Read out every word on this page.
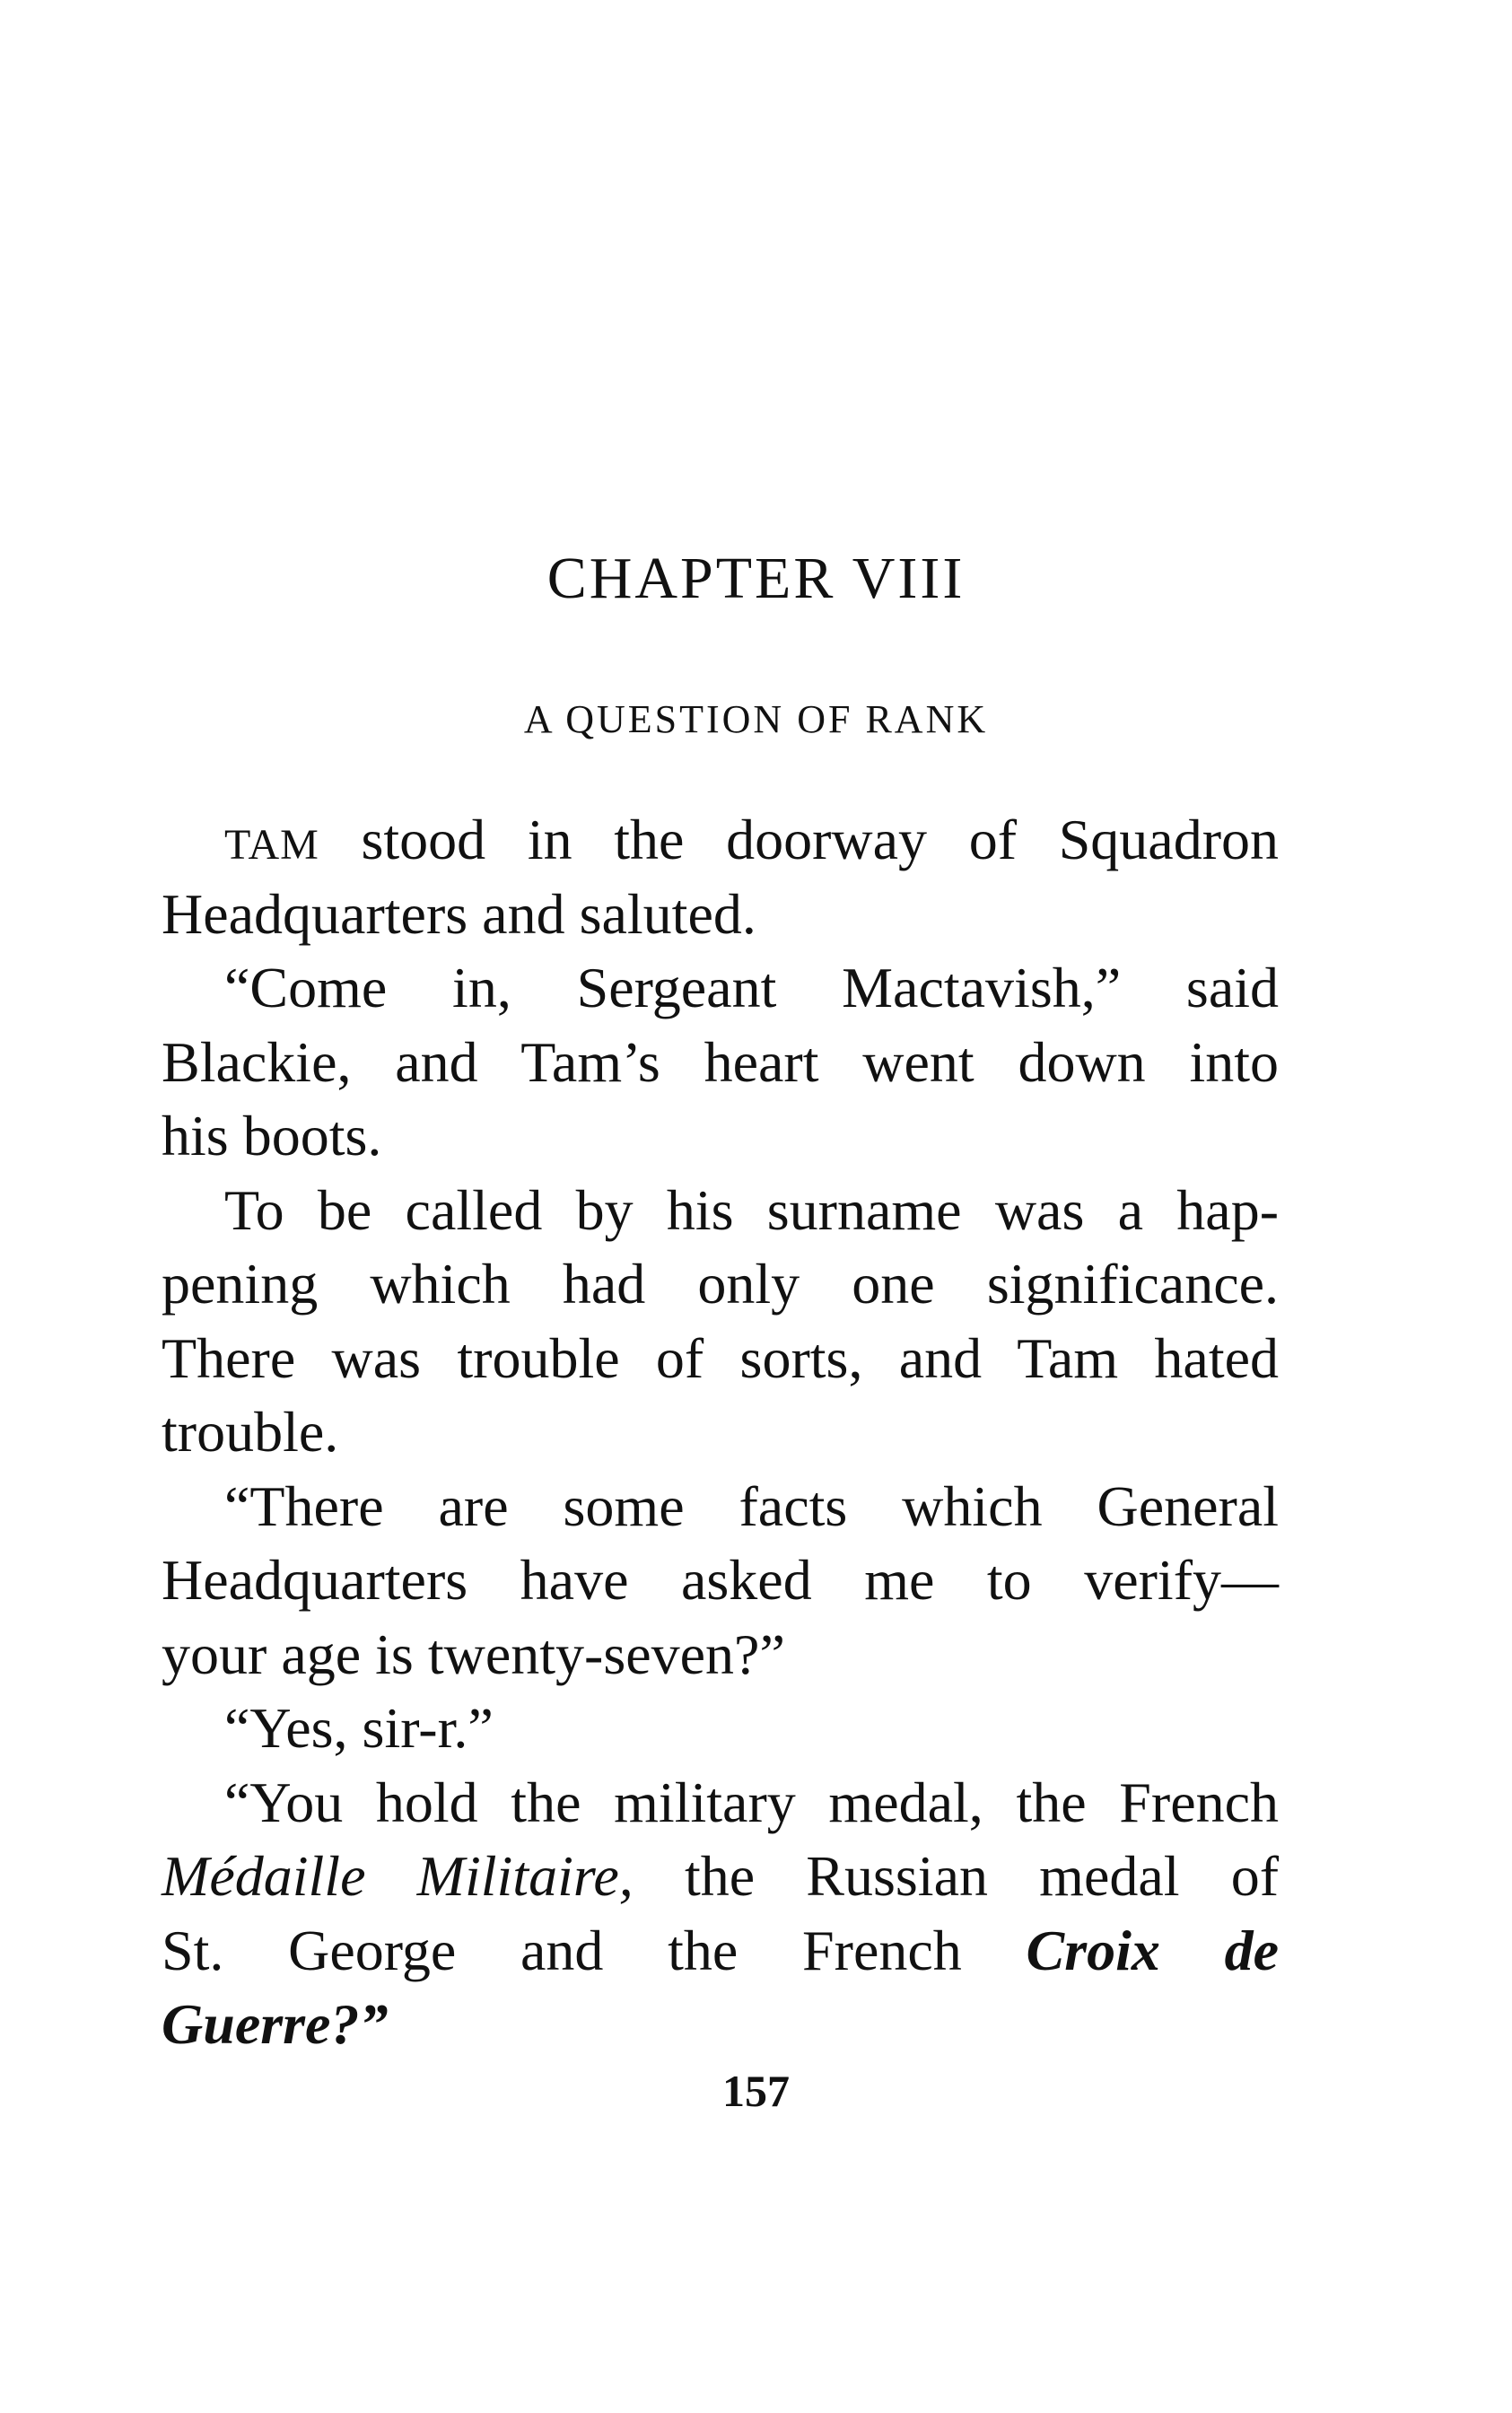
CHAPTER VIII
A QUESTION OF RANK
TAM stood in the doorway of Squadron
Headquarters and saluted.
“Come in, Sergeant Mactavish,” said
Blackie, and Tam’s heart went down into
his boots.
To be called by his surname was a hap-
pening which had only one significance.
There was trouble of sorts, and Tam hated
trouble.
“There are some facts which General
Headquarters have asked me to verify—
your age is twenty-seven?”
“Yes, sir-r.”
“You hold the military medal, the French
Médaille Militaire, the Russian medal of
St. George and the French Croix de
Guerre?”
157
